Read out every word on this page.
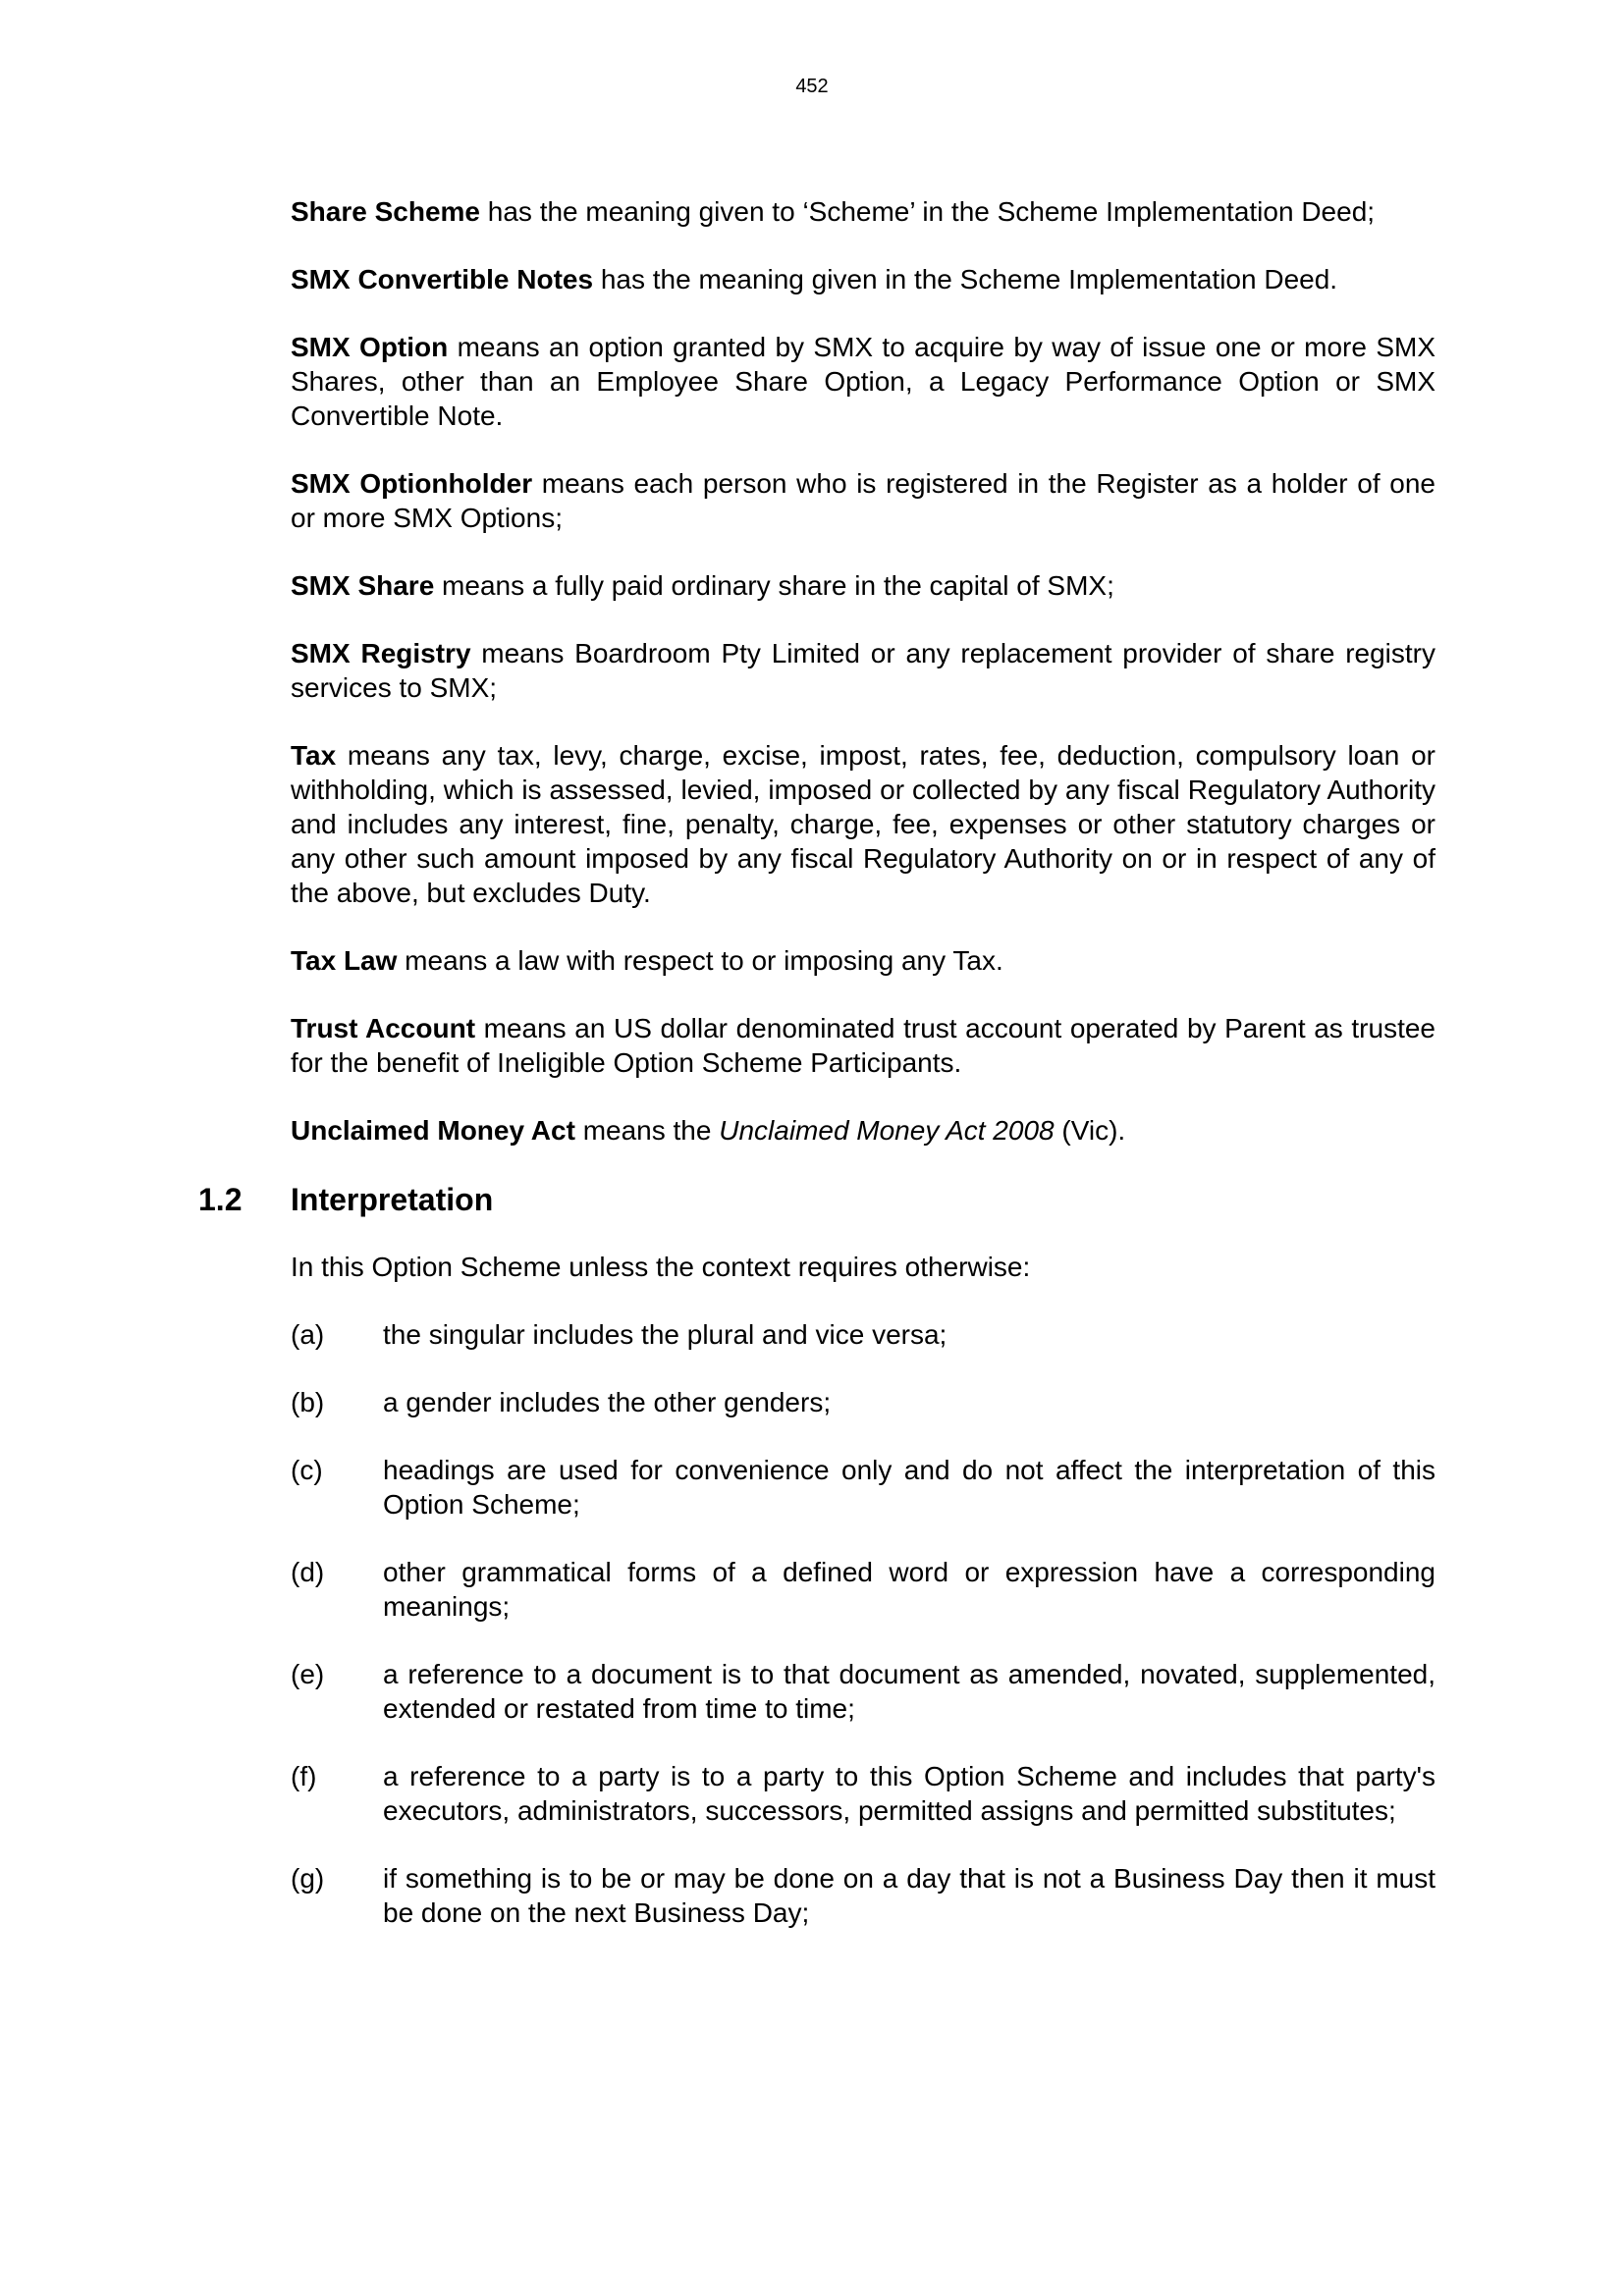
452

Share Scheme has the meaning given to ‘Scheme’ in the Scheme Implementation Deed;

SMX Convertible Notes has the meaning given in the Scheme Implementation Deed.

SMX Option means an option granted by SMX to acquire by way of issue one or more SMX Shares, other than an Employee Share Option, a Legacy Performance Option or SMX Convertible Note.

SMX Optionholder means each person who is registered in the Register as a holder of one or more SMX Options;

SMX Share means a fully paid ordinary share in the capital of SMX;

SMX Registry means Boardroom Pty Limited or any replacement provider of share registry services to SMX;

Tax means any tax, levy, charge, excise, impost, rates, fee, deduction, compulsory loan or withholding, which is assessed, levied, imposed or collected by any fiscal Regulatory Authority and includes any interest, fine, penalty, charge, fee, expenses or other statutory charges or any other such amount imposed by any fiscal Regulatory Authority on or in respect of any of the above, but excludes Duty.

Tax Law means a law with respect to or imposing any Tax.

Trust Account means an US dollar denominated trust account operated by Parent as trustee for the benefit of Ineligible Option Scheme Participants.

Unclaimed Money Act means the Unclaimed Money Act 2008 (Vic).

1.2 Interpretation

In this Option Scheme unless the context requires otherwise:

(a) the singular includes the plural and vice versa;
(b) a gender includes the other genders;
(c) headings are used for convenience only and do not affect the interpretation of this Option Scheme;
(d) other grammatical forms of a defined word or expression have a corresponding meanings;
(e) a reference to a document is to that document as amended, novated, supplemented, extended or restated from time to time;
(f) a reference to a party is to a party to this Option Scheme and includes that party's executors, administrators, successors, permitted assigns and permitted substitutes;
(g) if something is to be or may be done on a day that is not a Business Day then it must be done on the next Business Day;
